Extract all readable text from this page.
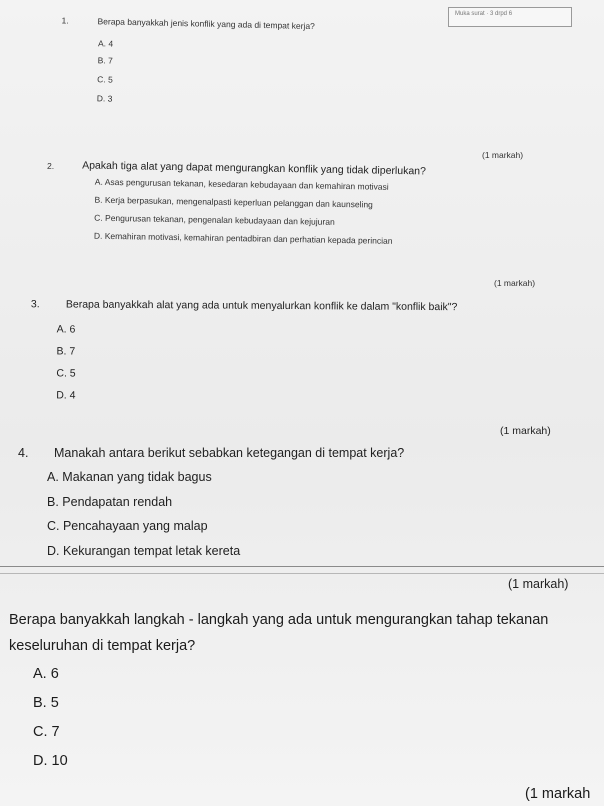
Muka surat · 3 drpd 6
1.	Berapa banyakkah jenis konflik yang ada di tempat kerja?
A. 4
B. 7
C. 5
D. 3
(1 markah)
2.	Apakah tiga alat yang dapat mengurangkan konflik yang tidak diperlukan?
A. Asas pengurusan tekanan, kesedaran kebudayaan dan kemahiran motivasi
B. Kerja berpasukan, mengenalpasti keperluan pelanggan dan kaunseling
C. Pengurusan tekanan, pengenalan kebudayaan dan kejujuran
D. Kemahiran motivasi, kemahiran pentadbiran dan perhatian kepada perincian
(1 markah)
3. Berapa banyakkah alat yang ada untuk menyalurkan konflik ke dalam "konflik baik"?
A. 6
B. 7
C. 5
D. 4
(1 markah)
4. Manakah antara berikut sebabkan ketegangan di tempat kerja?
A. Makanan yang tidak bagus
B. Pendapatan rendah
C. Pencahayaan yang malap
D. Kekurangan tempat letak kereta
(1 markah)
Berapa banyakkah langkah - langkah yang ada untuk mengurangkan tahap tekanan
keseluruhan di tempat kerja?
A. 6
B. 5
C. 7
D. 10
(1 markah
